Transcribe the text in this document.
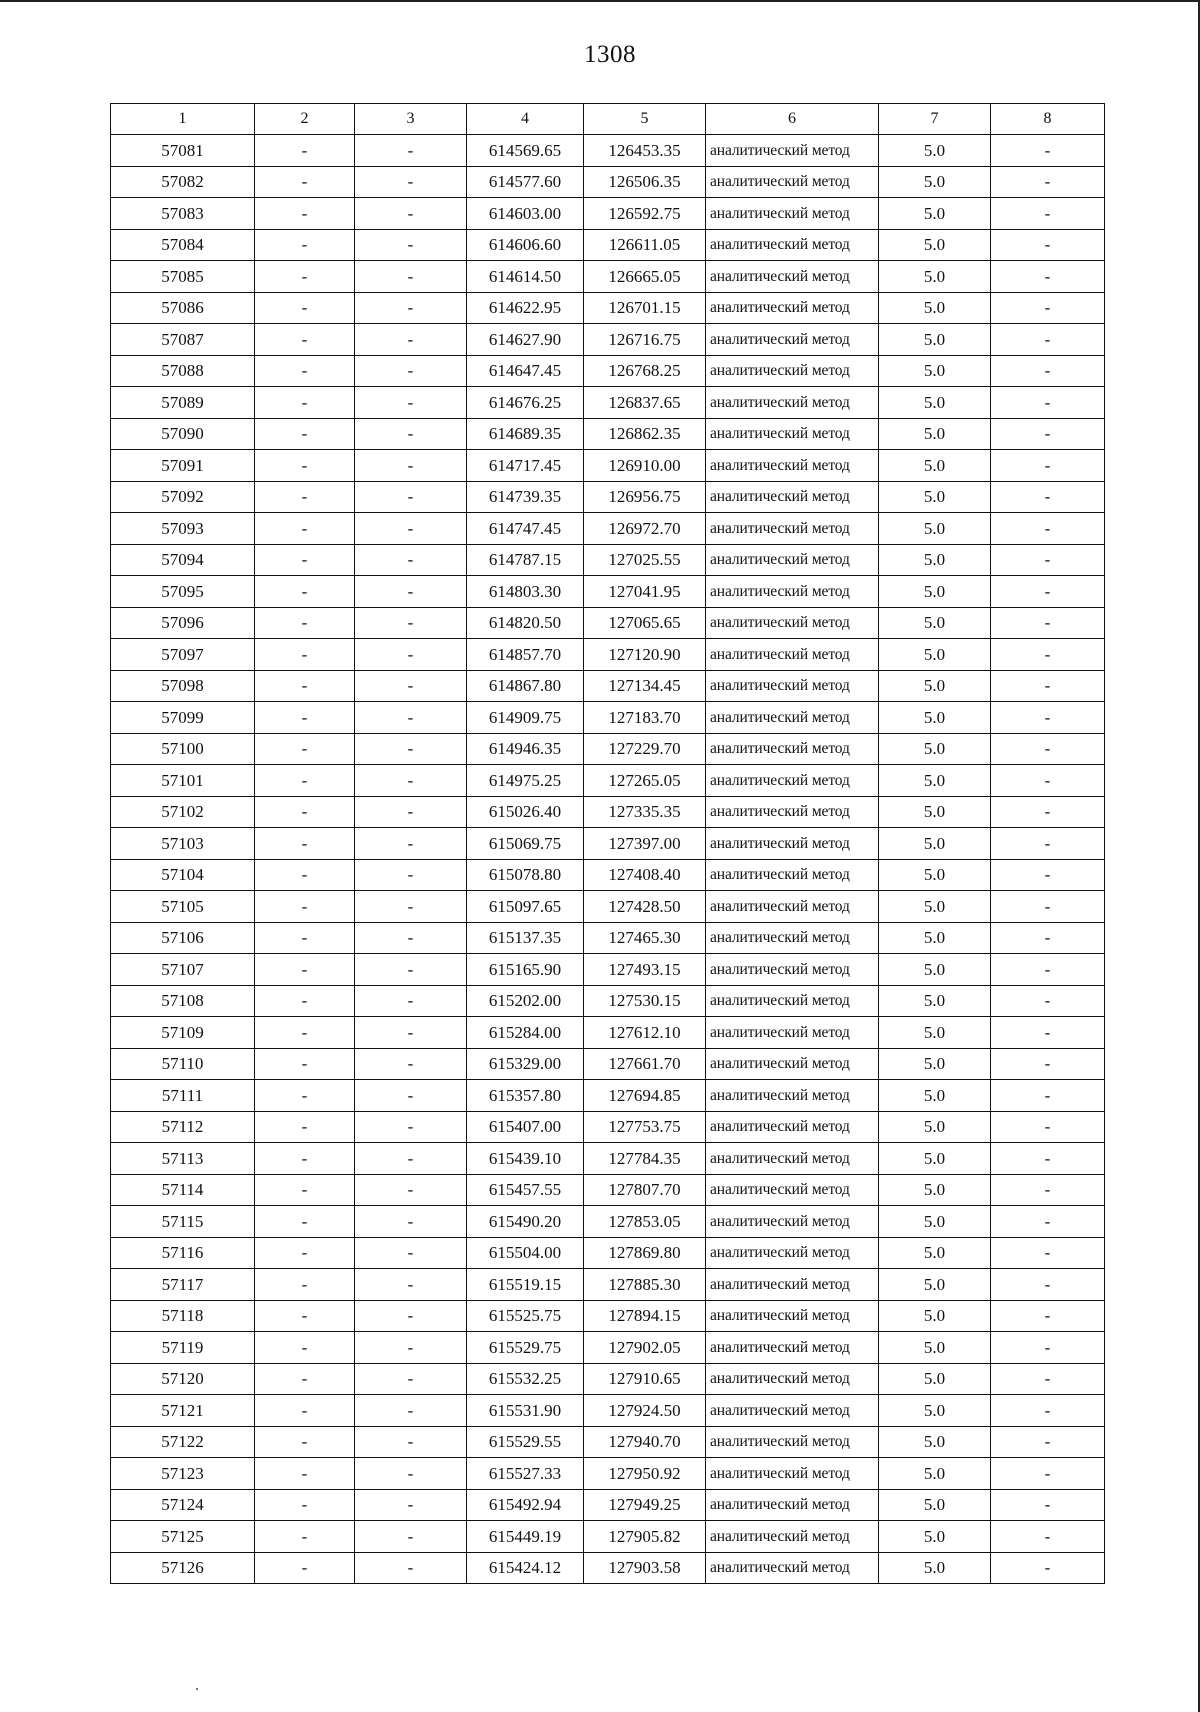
1308
1	2	3	4	5	6	7	8
57081	-	-	614569.65	126453.35	аналитический метод	5.0	-
57082	-	-	614577.60	126506.35	аналитический метод	5.0	-
57083	-	-	614603.00	126592.75	аналитический метод	5.0	-
57084	-	-	614606.60	126611.05	аналитический метод	5.0	-
57085	-	-	614614.50	126665.05	аналитический метод	5.0	-
57086	-	-	614622.95	126701.15	аналитический метод	5.0	-
57087	-	-	614627.90	126716.75	аналитический метод	5.0	-
57088	-	-	614647.45	126768.25	аналитический метод	5.0	-
57089	-	-	614676.25	126837.65	аналитический метод	5.0	-
57090	-	-	614689.35	126862.35	аналитический метод	5.0	-
57091	-	-	614717.45	126910.00	аналитический метод	5.0	-
57092	-	-	614739.35	126956.75	аналитический метод	5.0	-
57093	-	-	614747.45	126972.70	аналитический метод	5.0	-
57094	-	-	614787.15	127025.55	аналитический метод	5.0	-
57095	-	-	614803.30	127041.95	аналитический метод	5.0	-
57096	-	-	614820.50	127065.65	аналитический метод	5.0	-
57097	-	-	614857.70	127120.90	аналитический метод	5.0	-
57098	-	-	614867.80	127134.45	аналитический метод	5.0	-
57099	-	-	614909.75	127183.70	аналитический метод	5.0	-
57100	-	-	614946.35	127229.70	аналитический метод	5.0	-
57101	-	-	614975.25	127265.05	аналитический метод	5.0	-
57102	-	-	615026.40	127335.35	аналитический метод	5.0	-
57103	-	-	615069.75	127397.00	аналитический метод	5.0	-
57104	-	-	615078.80	127408.40	аналитический метод	5.0	-
57105	-	-	615097.65	127428.50	аналитический метод	5.0	-
57106	-	-	615137.35	127465.30	аналитический метод	5.0	-
57107	-	-	615165.90	127493.15	аналитический метод	5.0	-
57108	-	-	615202.00	127530.15	аналитический метод	5.0	-
57109	-	-	615284.00	127612.10	аналитический метод	5.0	-
57110	-	-	615329.00	127661.70	аналитический метод	5.0	-
57111	-	-	615357.80	127694.85	аналитический метод	5.0	-
57112	-	-	615407.00	127753.75	аналитический метод	5.0	-
57113	-	-	615439.10	127784.35	аналитический метод	5.0	-
57114	-	-	615457.55	127807.70	аналитический метод	5.0	-
57115	-	-	615490.20	127853.05	аналитический метод	5.0	-
57116	-	-	615504.00	127869.80	аналитический метод	5.0	-
57117	-	-	615519.15	127885.30	аналитический метод	5.0	-
57118	-	-	615525.75	127894.15	аналитический метод	5.0	-
57119	-	-	615529.75	127902.05	аналитический метод	5.0	-
57120	-	-	615532.25	127910.65	аналитический метод	5.0	-
57121	-	-	615531.90	127924.50	аналитический метод	5.0	-
57122	-	-	615529.55	127940.70	аналитический метод	5.0	-
57123	-	-	615527.33	127950.92	аналитический метод	5.0	-
57124	-	-	615492.94	127949.25	аналитический метод	5.0	-
57125	-	-	615449.19	127905.82	аналитический метод	5.0	-
57126	-	-	615424.12	127903.58	аналитический метод	5.0	-
